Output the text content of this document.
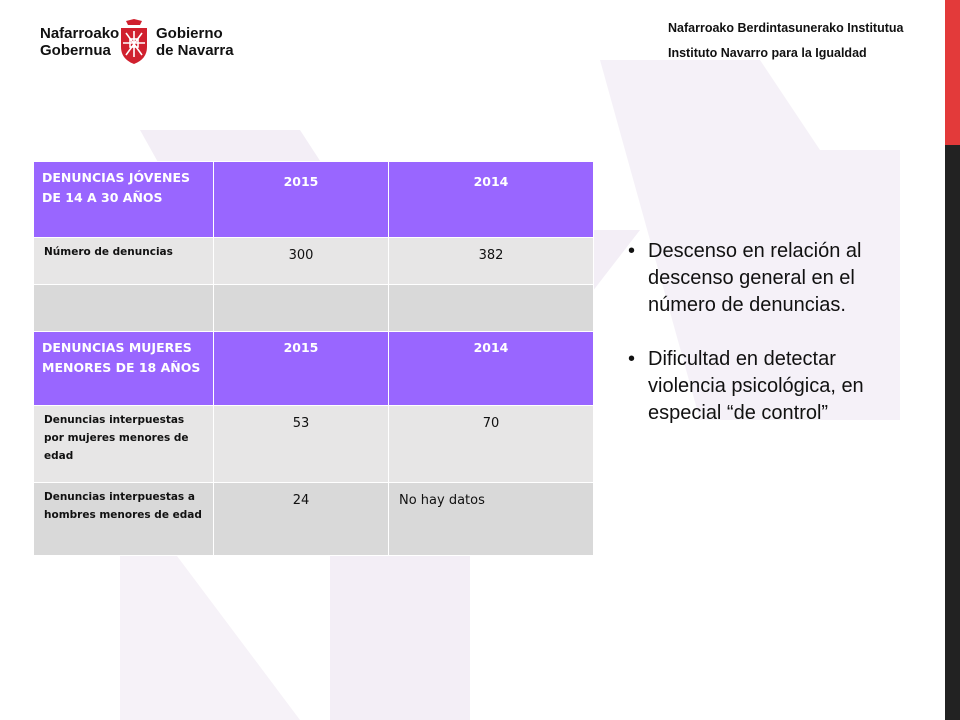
Nafarroako
Gobernua
Gobierno
de Navarra
Nafarroako Berdintasunerako Institutua
Instituto Navarro para la Igualdad
DENUNCIAS JÓVENES DE 14 A 30 AÑOS	2015	2014
Número de denuncias	300	382

DENUNCIAS MUJERES MENORES DE 18 AÑOS	2015	2014
Denuncias interpuestas por mujeres menores de edad	53	70
Denuncias interpuestas a hombres menores de edad	24	No hay datos
• Descenso en relación al descenso general en el número de denuncias.
• Dificultad en detectar violencia psicológica, en especial “de control”
